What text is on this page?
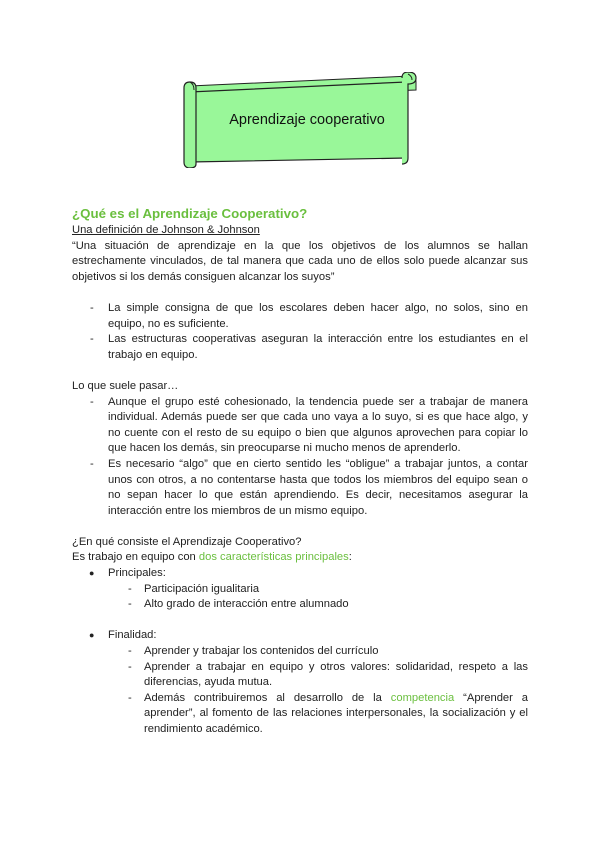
Aprendizaje cooperativo

¿Qué es el Aprendizaje Cooperativo?

Una definición de Johnson & Johnson

“Una situación de aprendizaje en la que los objetivos de los alumnos se hallan estrechamente vinculados, de tal manera que cada uno de ellos solo puede alcanzar sus objetivos si los demás consiguen alcanzar los suyos”

- La simple consigna de que los escolares deben hacer algo, no solos, sino en equipo, no es suficiente.
- Las estructuras cooperativas aseguran la interacción entre los estudiantes en el trabajo en equipo.

Lo que suele pasar…

- Aunque el grupo esté cohesionado, la tendencia puede ser a trabajar de manera individual. Además puede ser que cada uno vaya a lo suyo, si es que hace algo, y no cuente con el resto de su equipo o bien que algunos aprovechen para copiar lo que hacen los demás, sin preocuparse ni mucho menos de aprenderlo.
- Es necesario “algo” que en cierto sentido les “obligue” a trabajar juntos, a contar unos con otros, a no contentarse hasta que todos los miembros del equipo sean o no sepan hacer lo que están aprendiendo. Es decir, necesitamos asegurar la interacción entre los miembros de un mismo equipo.

¿En qué consiste el Aprendizaje Cooperativo?

Es trabajo en equipo con dos características principales:

● Principales:
- Participación igualitaria
- Alto grado de interacción entre alumnado
● Finalidad:
- Aprender y trabajar los contenidos del currículo
- Aprender a trabajar en equipo y otros valores: solidaridad, respeto a las diferencias, ayuda mutua.
- Además contribuiremos al desarrollo de la competencia “Aprender a aprender”, al fomento de las relaciones interpersonales, la socialización y el rendimiento académico.
